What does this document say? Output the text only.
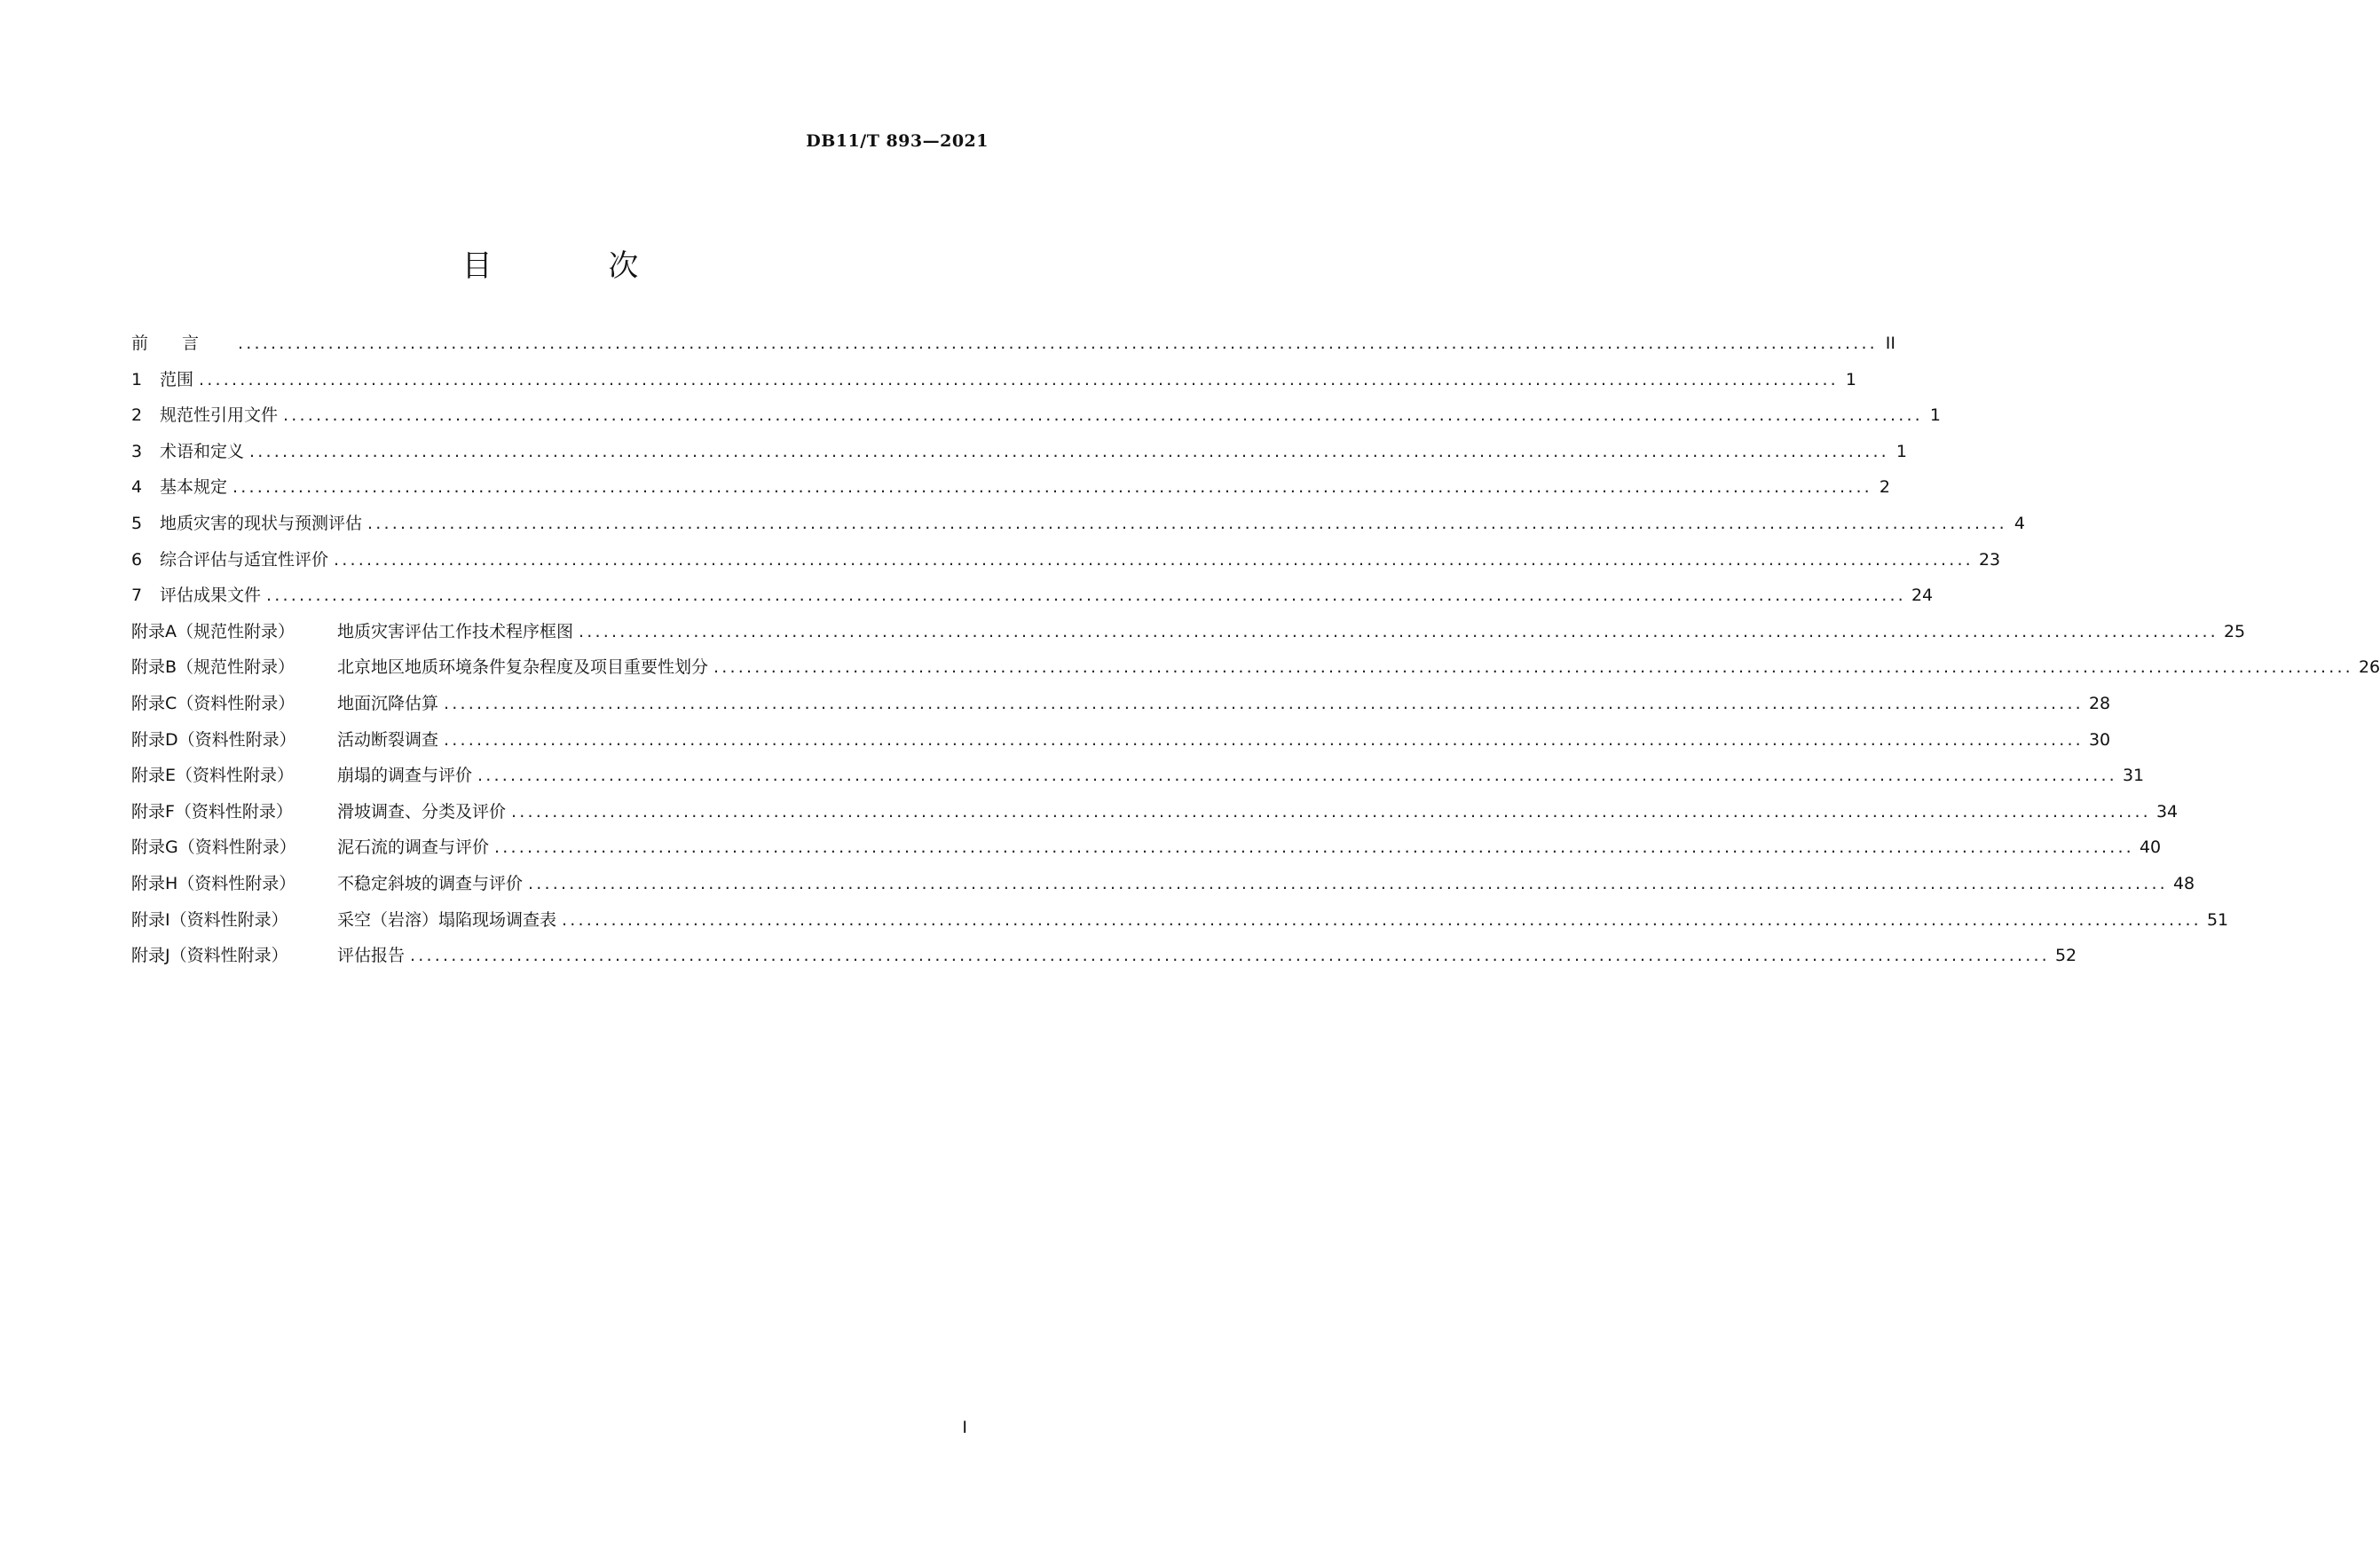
DB11/T 893—2021
目 次
前言 ........................................................................................................................................................................................................ II
1	范围 ........................................................................................................................................................................................................ 1
2	规范性引用文件 ........................................................................................................................................................................................................ 1
3	术语和定义 ........................................................................................................................................................................................................ 1
4	基本规定 ........................................................................................................................................................................................................ 2
5	地质灾害的现状与预测评估 ........................................................................................................................................................................................................ 4
6	综合评估与适宜性评价 ........................................................................................................................................................................................................ 23
7	评估成果文件 ........................................................................................................................................................................................................ 24
附录A（规范性附录）	地质灾害评估工作技术程序框图 ........................................................................................................................................................................................................ 25
附录B（规范性附录）	北京地区地质环境条件复杂程度及项目重要性划分 ........................................................................................................................................................................................................ 26
附录C（资料性附录）	地面沉降估算 ........................................................................................................................................................................................................ 28
附录D（资料性附录）	活动断裂调查 ........................................................................................................................................................................................................ 30
附录E（资料性附录）	崩塌的调查与评价 ........................................................................................................................................................................................................ 31
附录F（资料性附录）	滑坡调查、分类及评价 ........................................................................................................................................................................................................ 34
附录G（资料性附录）	泥石流的调查与评价 ........................................................................................................................................................................................................ 40
附录H（资料性附录）	不稳定斜坡的调查与评价 ........................................................................................................................................................................................................ 48
附录I（资料性附录）	采空（岩溶）塌陷现场调查表 ........................................................................................................................................................................................................ 51
附录J（资料性附录）	评估报告 ........................................................................................................................................................................................................ 52
I
